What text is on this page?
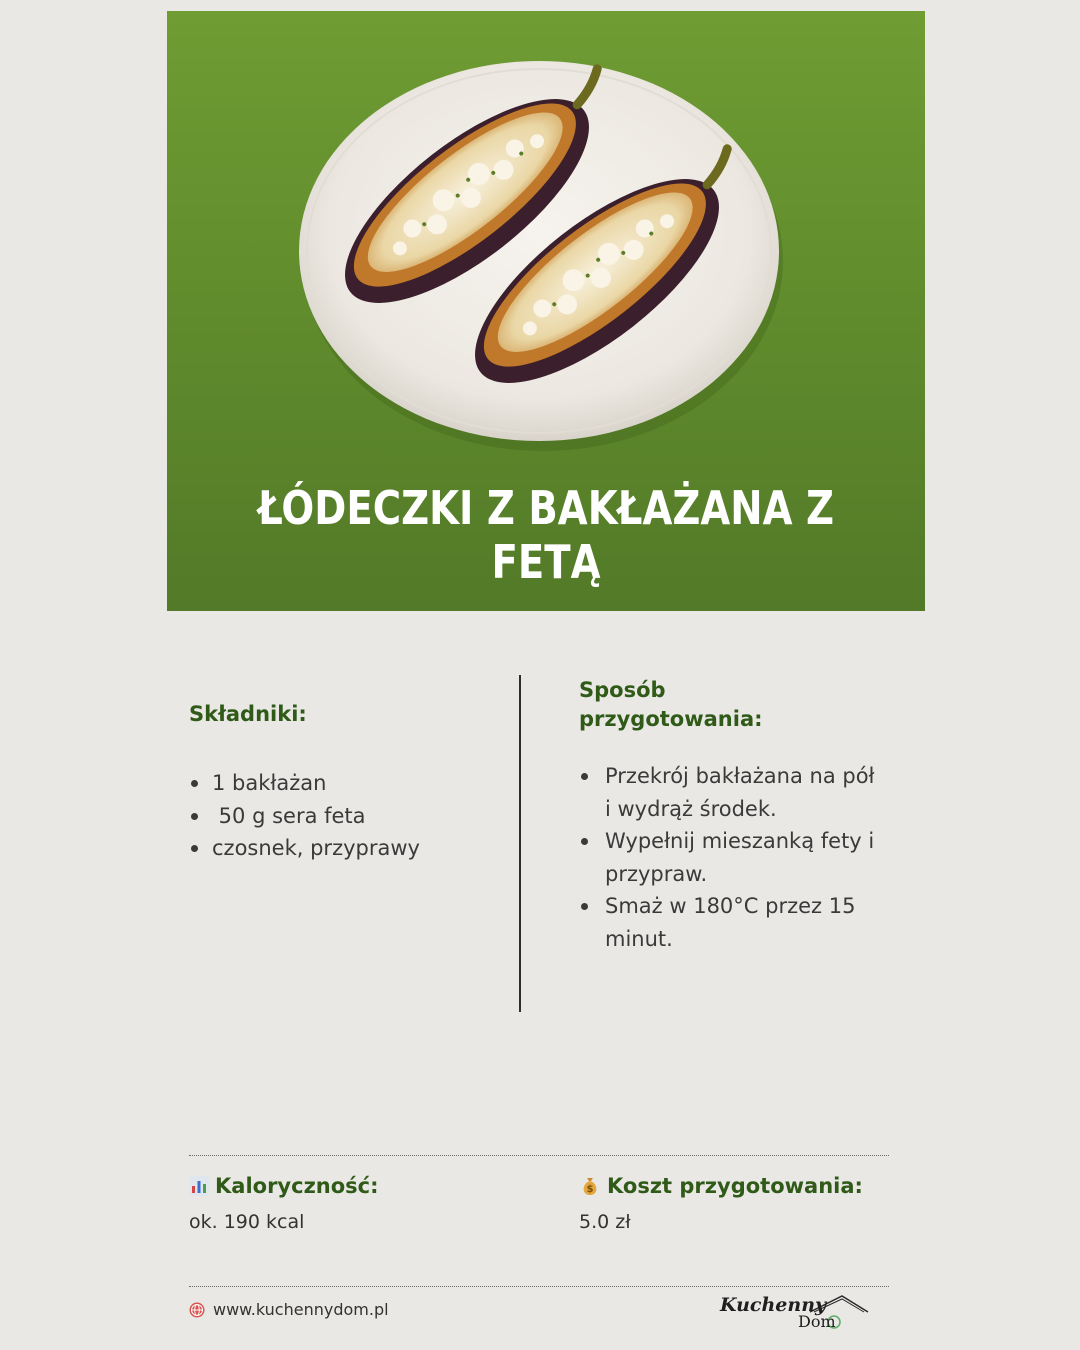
ŁÓDECZKI Z BAKŁAŻANA Z FETĄ
Składniki:
1 bakłażan
50 g sera feta
czosnek, przyprawy
Sposób przygotowania:
Przekrój bakłażana na pół i wydrąż środek.
Wypełnij mieszanką fety i przypraw.
Smaż w 180°C przez 15 minut.
Kaloryczność:
ok. 190 kcal
$ Koszt przygotowania:
5.0 zł
www.kuchennydom.pl	Kuchenny
Dom
